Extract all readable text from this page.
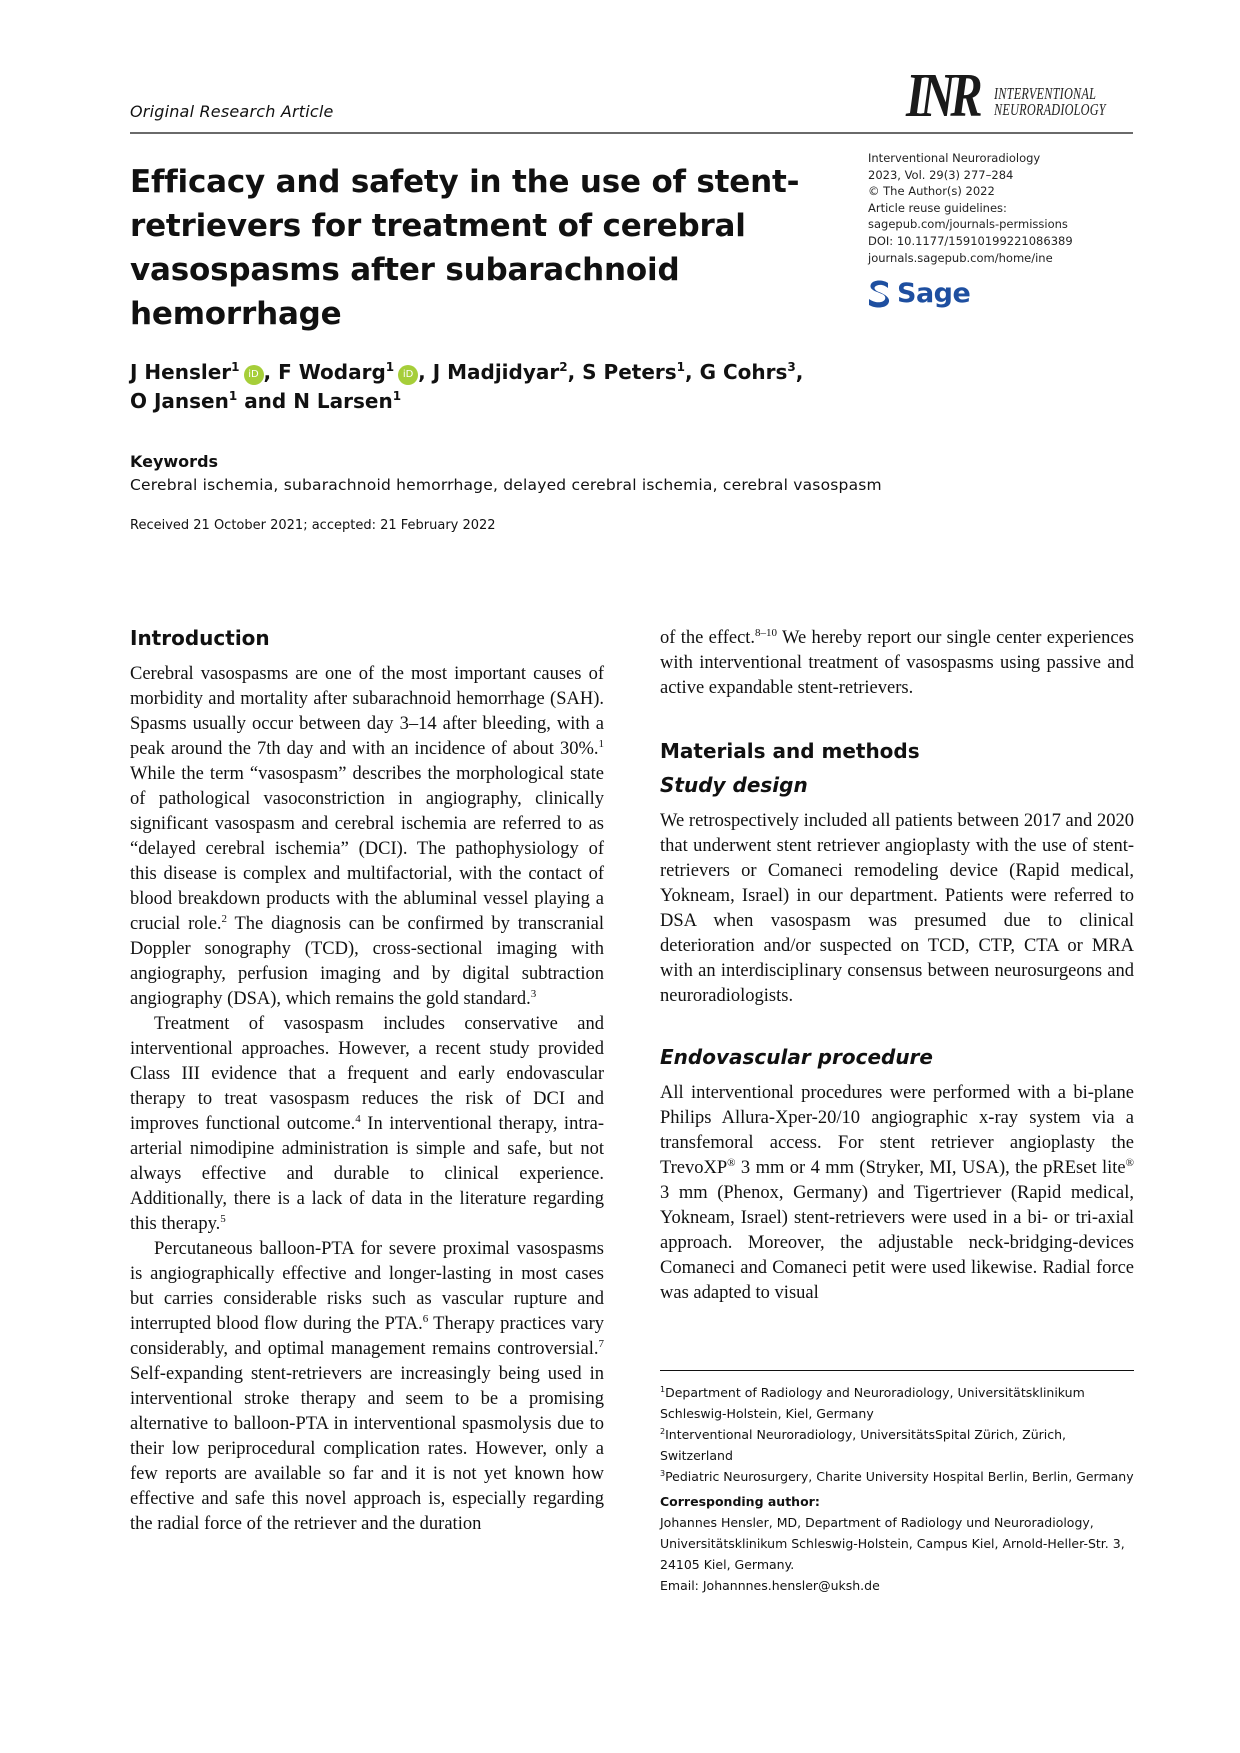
Original Research Article	INR INTERVENTIONAL
NEURORADIOLOGY
Efficacy and safety in the use of stent-retrievers for treatment of cerebral vasospasms after subarachnoid hemorrhage
Interventional Neuroradiology
2023, Vol. 29(3) 277–284
© The Author(s) 2022
Article reuse guidelines:
sagepub.com/journals-permissions
DOI: 10.1177/15910199221086389
journals.sagepub.com/home/ine
Sage
J Hensler$^1$iD , F Wodarg$^1$iD , J Madjidyar$^2$, S Peters$^1$, G Cohrs$^3$,
O Jansen$^1$ and N Larsen$^1$
Keywords
Cerebral ischemia, subarachnoid hemorrhage, delayed cerebral ischemia, cerebral vasospasm
Received 21 October 2021; accepted: 21 February 2022
Introduction

Cerebral vasospasms are one of the most important causes of morbidity and mortality after subarachnoid hemorrhage (SAH). Spasms usually occur between day 3–14 after bleeding, with a peak around the 7th day and with an incidence of about 30%.$^1$ While the term “vasospasm” describes the morphological state of pathological vasoconstriction in angiography, clinically significant vasospasm and cerebral ischemia are referred to as “delayed cerebral ischemia” (DCI). The pathophysiology of this disease is complex and multifactorial, with the contact of blood breakdown products with the abluminal vessel playing a crucial role.$^2$ The diagnosis can be confirmed by transcranial Doppler sonography (TCD), cross-sectional imaging with angiography, perfusion imaging and by digital subtraction angiography (DSA), which remains the gold standard.$^3$

Treatment of vasospasm includes conservative and interventional approaches. However, a recent study provided Class III evidence that a frequent and early endovascular therapy to treat vasospasm reduces the risk of DCI and improves functional outcome.$^4$ In interventional therapy, intra-arterial nimodipine administration is simple and safe, but not always effective and durable to clinical experience. Additionally, there is a lack of data in the literature regarding this therapy.$^5$

Percutaneous balloon-PTA for severe proximal vasospasms is angiographically effective and longer-lasting in most cases but carries considerable risks such as vascular rupture and interrupted blood flow during the PTA.$^6$ Therapy practices vary considerably, and optimal management remains controversial.$^7$ Self-expanding stent-retrievers are increasingly being used in interventional stroke therapy and seem to be a promising alternative to balloon-PTA in interventional spasmolysis due to their low periprocedural complication rates. However, only a few reports are available so far and it is not yet known how effective and safe this novel approach is, especially regarding the radial force of the retriever and the duration

of the effect.$^{8-10}$ We hereby report our single center experiences with interventional treatment of vasospasms using passive and active expandable stent-retrievers.

Materials and methods
Study design

We retrospectively included all patients between 2017 and 2020 that underwent stent retriever angioplasty with the use of stent-retrievers or Comaneci remodeling device (Rapid medical, Yokneam, Israel) in our department. Patients were referred to DSA when vasospasm was presumed due to clinical deterioration and/or suspected on TCD, CTP, CTA or MRA with an interdisciplinary consensus between neurosurgeons and neuroradiologists.

Endovascular procedure

All interventional procedures were performed with a bi-plane Philips Allura-Xper-20/10 angiographic x-ray system via a transfemoral access. For stent retriever angioplasty the TrevoXP® 3 mm or 4 mm (Stryker, MI, USA), the pREset lite® 3 mm (Phenox, Germany) and Tigertriever (Rapid medical, Yokneam, Israel) stent-retrievers were used in a bi- or tri-axial approach. Moreover, the adjustable neck-bridging-devices Comaneci and Comaneci petit were used likewise. Radial force was adapted to visual

$^1$Department of Radiology and Neuroradiology, Universitätsklinikum Schleswig-Holstein, Kiel, Germany
$^2$Interventional Neuroradiology, UniversitätsSpital Zürich, Zürich, Switzerland
$^3$Pediatric Neurosurgery, Charite University Hospital Berlin, Berlin, Germany
Corresponding author:
Johannes Hensler, MD, Department of Radiology und Neuroradiology, Universitätsklinikum Schleswig-Holstein, Campus Kiel, Arnold-Heller-Str. 3, 24105 Kiel, Germany.
Email: Johannnes.hensler@uksh.de
